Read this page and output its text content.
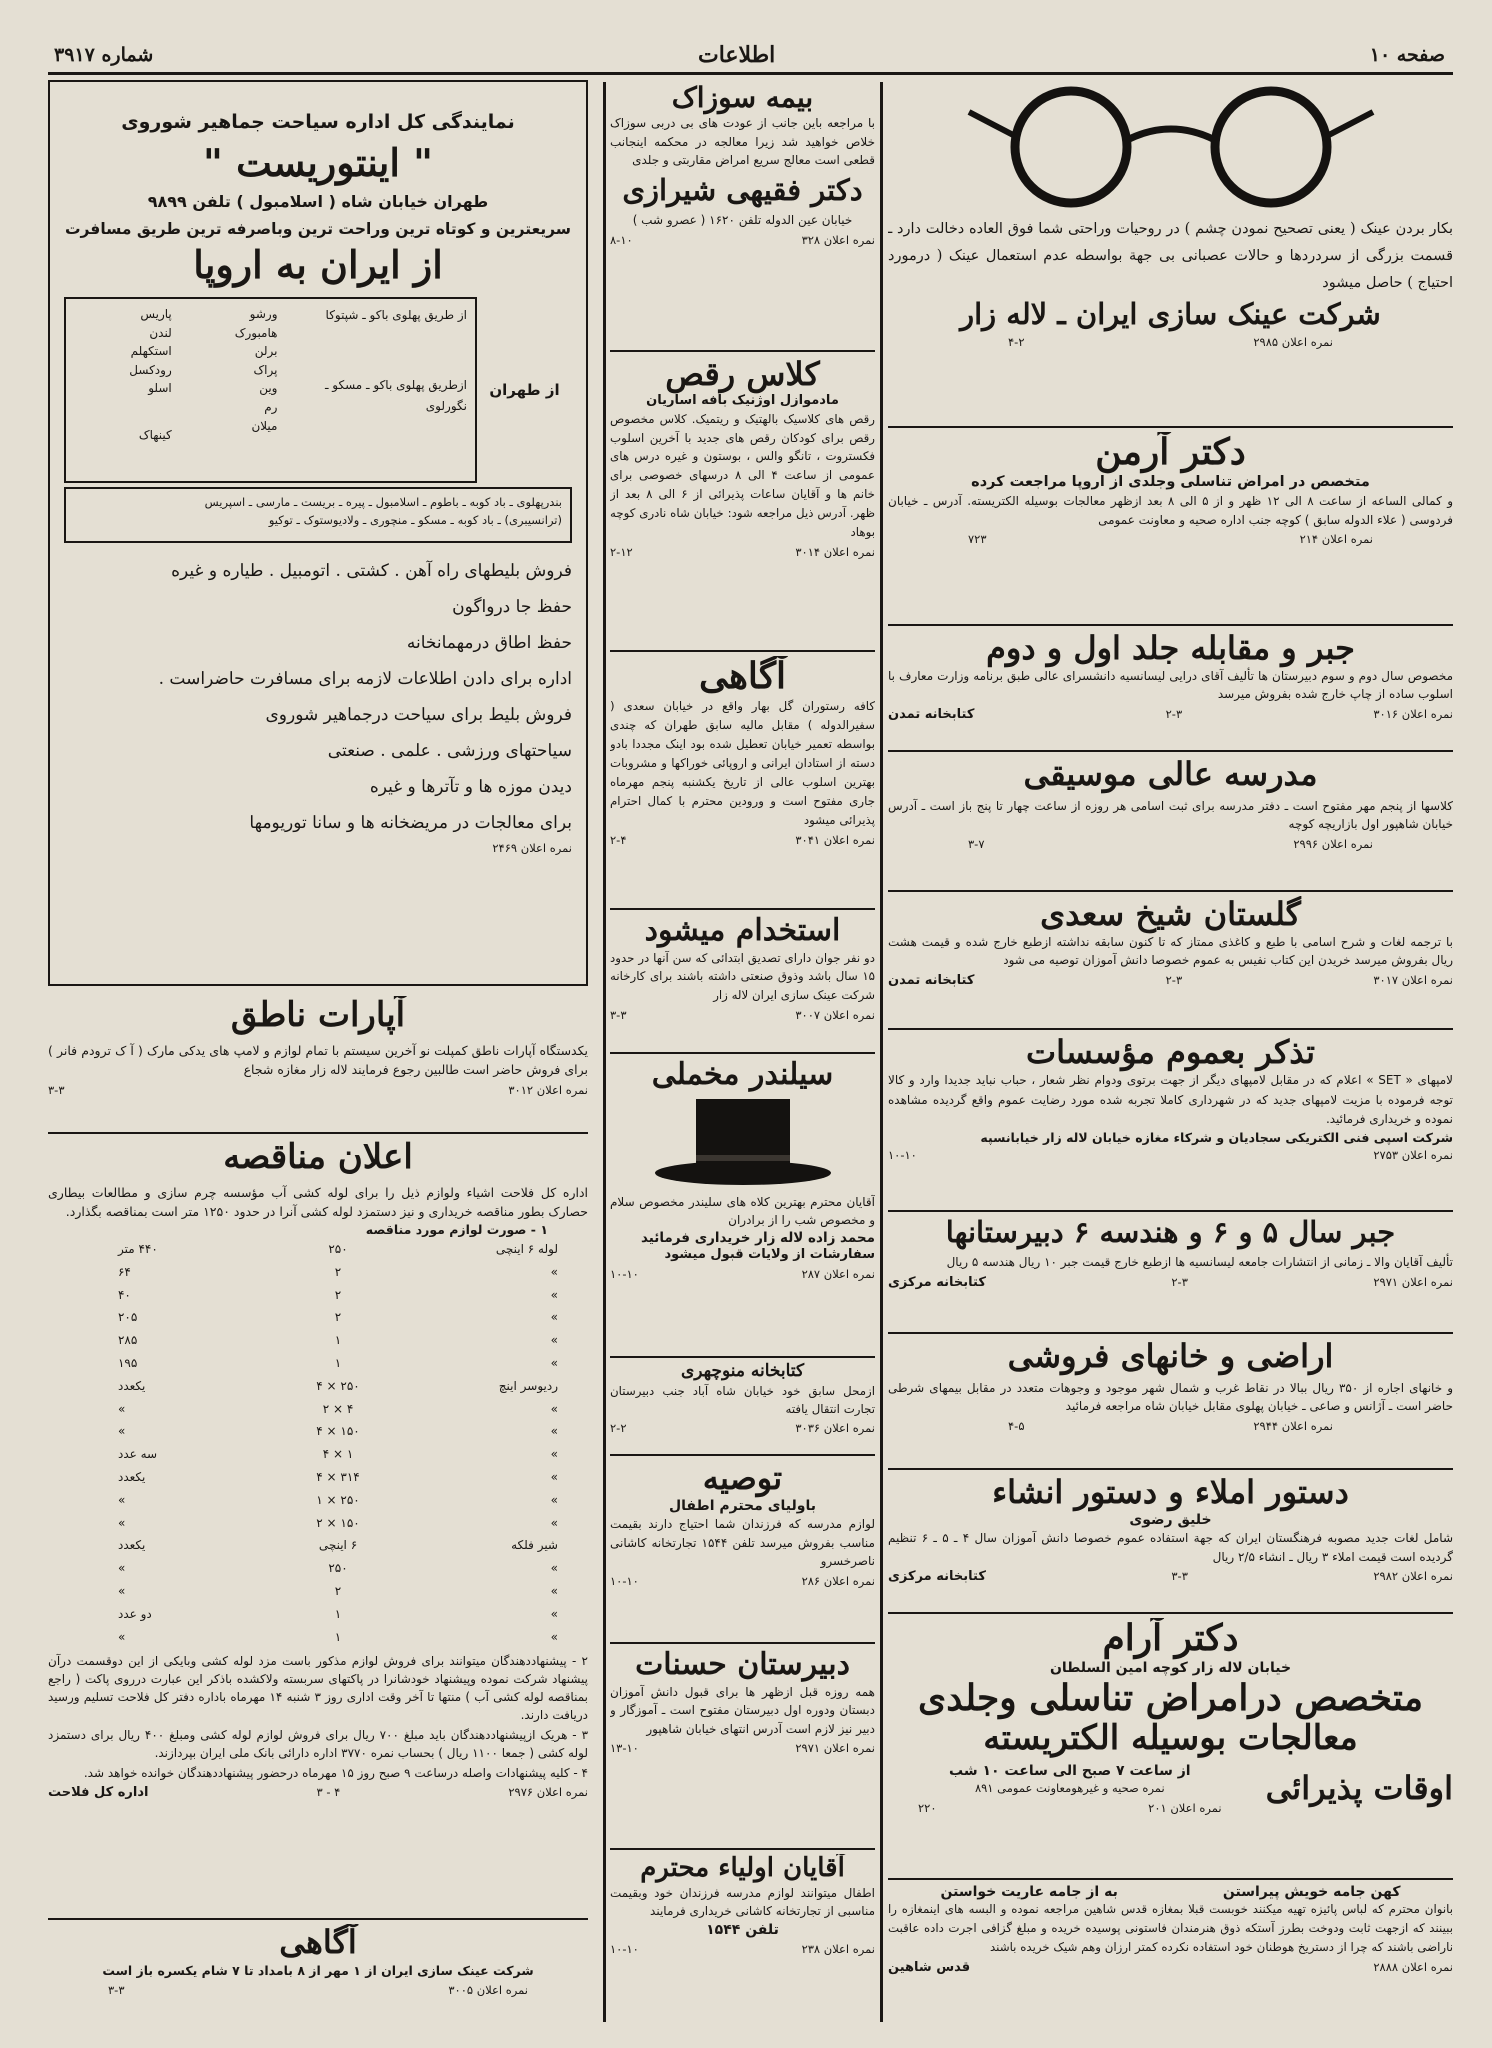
شماره ۳۹۱۷	اطلاعات	صفحه ۱۰
نمایندگی کل اداره سیاحت جماهیر شوروی
" اینتوریست "
طهران خیابان شاه ( اسلامبول ) تلفن ۹۸۹۹
سریعترین و کوتاه ترین وراحت ترین وباصرفه ترین طریق مسافرت
از ایران به اروپا
از طهران
از طریق پهلوی باکو ـ شپتوکا
ازطریق پهلوی باکو ـ مسکو ـ نگورلوی
ورشو
هامبورک
برلن
پراک
وین
رم
میلان
پاریس
لندن
استکهلم
رودکسل
اسلو
کینهاک
بندرپهلوی ـ باد کوبه ـ باطوم ـ اسلامبول ـ پیره ـ بریست ـ مارسی ـ اسپریس
(ترانسیبری) ـ باد کوبه ـ مسکو ـ منچوری ـ ولادیوستوک ـ توکیو
فروش بلیطهای راه آهن . کشتی . اتومبیل . طیاره و غیره
حفظ جا درواگون
حفظ اطاق درمهمانخانه
اداره برای دادن اطلاعات لازمه برای مسافرت حاضراست .
فروش بلیط برای سیاحت درجماهیر شوروی
سیاحتهای ورزشی . علمی . صنعتی
دیدن موزه ها و تآترها و غیره
برای معالجات در مریضخانه ها و سانا توریومها
نمره اعلان ۲۴۶۹
آپارات ناطق
یکدستگاه آپارات ناطق کمپلت نو آخرین سیستم با تمام لوازم و لامپ های یدکی مارک ( آ ک ترودم فانر ) برای فروش حاضر است طالبین رجوع فرمایند لاله زار مغازه شجاع
نمره اعلان ۳۰۱۲
۳-۳
اعلان مناقصه
اداره کل فلاحت اشیاء ولوازم ذیل را برای لوله کشی آب مؤسسه چرم سازی و مطالعات بیطاری حصارک بطور مناقصه خریداری و نیز دستمزد لوله کشی آنرا در حدود ۱۲۵۰ متر است بمناقصه بگذارد.
۱ - صورت لوازم مورد مناقصه
لوله ۶ اینچی
۲۵۰
۴۴۰ متر
»
۲
۶۴
»
۲
۴۰
»
۲
۲۰۵
»
۱
۲۸۵
»
۱
۱۹۵
ردیوسر اینچ
۲۵۰ × ۴
یکعدد
»
۴ × ۲
»
»
۱۵۰ × ۴
»
»
۱ × ۴
سه عدد
»
۳۱۴ × ۴
یکعدد
»
۲۵۰ × ۱
»
»
۱۵۰ × ۲
»
شیر فلکه
۶ اینچی
یکعدد
»
۲۵۰
»
»
۲
»
»
۱
دو عدد
»
۱
»
۲ - پیشنهاددهندگان میتوانند برای فروش لوازم مذکور باست مزد لوله کشی وبایکی از این دوقسمت درآن پیشنهاد شرکت نموده وپیشنهاد خودشانرا در پاکتهای سربسته ولاکشده باذکر این عبارت درروی پاکت ( راجع بمناقصه لوله کشی آب ) منتها تا آخر وقت اداری روز ۳ شنبه ۱۴ مهرماه باداره دفتر کل فلاحت تسلیم ورسید دریافت دارند.
۳ - هریک ازپیشنهاددهندگان باید مبلغ ۷۰۰ ریال برای فروش لوازم لوله کشی ومبلغ ۴۰۰ ریال برای دستمزد لوله کشی ( جمعا ۱۱۰۰ ریال ) بحساب نمره ۳۷۷۰ اداره دارائی بانک ملی ایران بپردازند.
۴ - کلیه پیشنهادات واصله درساعت ۹ صبح روز ۱۵ مهرماه درحضور پیشنهاددهندگان خوانده خواهد شد.
نمره اعلان ۲۹۷۶
۴ - ۳
اداره کل فلاحت
آگاهی
شرکت عینک سازی ایران از ۱ مهر از ۸ بامداد تا ۷ شام یکسره باز است
نمره اعلان ۳۰۰۵
۳-۳
بیمه سوزاک
با مراجعه باین جانب از عودت های بی دربی سوزاک خلاص خواهید شد زیرا معالجه در محکمه اینجانب قطعی است معالج سریع امراض مقاربتی و جلدی
دکتر فقیهی شیرازی
خیابان عین الدوله تلفن ۱۶۲۰ ( عصرو شب )
نمره اعلان ۳۲۸
۸-۱۰
کلاس رقص
مادموازل اوژنیک بافه اساریان
رقص های کلاسیک بالهتیک و ریتمیک. کلاس مخصوص رقص برای کودکان رقص های جدید با آخرین اسلوب فکستروت ، تانگو والس ، بوستون و غیره درس های عمومی از ساعت ۴ الی ۸ درسهای خصوصی برای خانم ها و آقایان ساعات پذیرائی از ۶ الی ۸ بعد از ظهر. آدرس ذیل مراجعه شود: خیابان شاه نادری کوچه بوهاد
نمره اعلان ۳۰۱۴
۲-۱۲
آگاهی
کافه رستوران گل بهار واقع در خیابان سعدی ( سفیرالدوله ) مقابل مالیه سابق طهران که چندی بواسطه تعمیر خیابان تعطیل شده بود اینک مجددا بادو دسته از استادان ایرانی و اروپائی خوراکها و مشروبات بهترین اسلوب عالی از تاریخ یکشنبه پنجم مهرماه جاری مفتوح است و ورودین محترم با کمال احترام پذیرائی میشود
نمره اعلان ۳۰۴۱
۲-۴
استخدام میشود
دو نفر جوان دارای تصدیق ابتدائی که سن آنها در حدود ۱۵ سال باشد وذوق صنعتی داشته باشند برای کارخانه شرکت عینک سازی ایران لاله زار
نمره اعلان ۳۰۰۷
۳-۳
سیلندر مخملی
آقایان محترم بهترین کلاه های سلیندر مخصوص سلام و مخصوص شب را از برادران
محمد زاده لاله زار خریداری فرمائید
سفارشات از ولایات قبول میشود
نمره اعلان ۲۸۷
۱۰-۱۰
کتابخانه منوچهری
ازمحل سابق خود خیابان شاه آباد جنب دبیرستان تجارت انتقال یافته
نمره اعلان ۳۰۳۶
۲-۲
توصیه
باولیای محترم اطفال
لوازم مدرسه که فرزندان شما احتیاج دارند بقیمت مناسب بفروش میرسد تلفن ۱۵۴۴ تجارتخانه کاشانی ناصرخسرو
نمره اعلان ۲۸۶
۱۰-۱۰
دبیرستان حسنات
همه روزه قبل ازظهر ها برای قبول دانش آموزان دبستان ودوره اول دبیرستان مفتوح است ـ آموزگار و دبیر نیز لازم است آدرس انتهای خیابان شاهپور
نمره اعلان ۲۹۷۱
۱۳-۱۰
آقایان اولیاء محترم
اطفال میتوانند لوازم مدرسه فرزندان خود وبقیمت مناسبی از تجارتخانه کاشانی خریداری فرمایند
تلفن ۱۵۴۴
نمره اعلان ۲۳۸
۱۰-۱۰
بکار بردن عینک ( یعنی تصحیح نمودن چشم ) در روحیات وراحتی شما فوق العاده دخالت دارد ـ قسمت بزرگی از سردردها و حالات عصبانی بی جهة بواسطه عدم استعمال عینک ( درمورد احتیاج ) حاصل میشود
شرکت عینک سازی ایران ـ لاله زار
نمره اعلان ۲۹۸۵
۴-۲
دکتر آرمن
متخصص در امراض تناسلی وجلدی از اروپا مراجعت کرده
و کمالی الساعه از ساعت ۸ الی ۱۲ ظهر و از ۵ الی ۸ بعد ازظهر معالجات بوسیله الکتریسته. آدرس ـ خیابان فردوسی ( علاء الدوله سابق ) کوچه جنب اداره صحیه و معاونت عمومی
نمره اعلان ۲۱۴
۷۲۳
جبر و مقابله جلد اول و دوم
مخصوص سال دوم و سوم دبیرستان ها تألیف آقای درایی لیسانسیه دانشسرای عالی طبق برنامه وزارت معارف با اسلوب ساده از چاپ خارج شده بفروش میرسد
نمره اعلان ۳۰۱۶
۲-۳
کتابخانه تمدن
مدرسه عالی موسیقی
کلاسها از پنجم مهر مفتوح است ـ دفتر مدرسه برای ثبت اسامی هر روزه از ساعت چهار تا پنج باز است ـ آدرس خیابان شاهپور اول بازاریچه کوچه
نمره اعلان ۲۹۹۶
۳-۷
گلستان شیخ سعدی
با ترجمه لغات و شرح اسامی با طبع و کاغذی ممتاز که تا کنون سابقه نداشته ازطبع خارج شده و قیمت هشت ریال بفروش میرسد خریدن این کتاب نفیس به عموم خصوصا دانش آموزان توصیه می شود
نمره اعلان ۳۰۱۷
۲-۳
کتابخانه تمدن
تذکر بعموم مؤسسات
لامپهای « SET » اعلام که در مقابل لامپهای دیگر از جهت برتوی ودوام نظر شعار ، حباب نباید جدیدا وارد و کالا توجه فرموده با مزیت لامپهای جدید که در شهرداری کاملا تجربه شده مورد رضایت عموم واقع گردیده مشاهده نموده و خریداری فرمائید.
شرکت اسپی فنی الکتریکی سجادیان و شرکاء مغازه خیابان لاله زار خیابانسپه
نمره اعلان ۲۷۵۳
۱۰-۱۰
جبر سال ۵ و ۶ و هندسه ۶ دبیرستانها
تألیف آقایان والا ـ زمانی از انتشارات جامعه لیسانسیه ها ازطبع خارج قیمت جبر ۱۰ ریال هندسه ۵ ریال
نمره اعلان ۲۹۷۱
۲-۳
کتابخانه مرکزی
اراضی و خانهای فروشی
و خانهای اجاره از ۳۵۰ ریال ببالا در نقاط غرب و شمال شهر موجود و وجوهات متعدد در مقابل بیمهای شرطی حاضر است ـ آژانس و صاعی ـ خیابان پهلوی مقابل خیابان شاه مراجعه فرمائید
نمره اعلان ۲۹۴۴
۴-۵
دستور املاء و دستور انشاء
خلیق رضوی
شامل لغات جدید مصوبه فرهنگستان ایران که جهة استفاده عموم خصوصا دانش آموزان سال ۴ ـ ۵ ـ ۶ تنظیم گردیده است قیمت املاء ۳ ریال ـ انشاء ۲/۵ ریال
نمره اعلان ۲۹۸۲
۳-۳
کتابخانه مرکزی
دکتر آرام
خیابان لاله زار کوچه امین السلطان
متخصص درامراض تناسلی وجلدی
معالجات بوسیله الکتریسته
اوقات پذیرائی
از ساعت ۷ صبح الی ساعت ۱۰ شب
نمره صحیه و غیرهومعاونت عمومی ۸۹۱
نمره اعلان ۲۰۱
۲۲۰
کهن جامه خویش پیراستن
به از جامه عاریت خواستن
بانوان محترم که لباس پائیزه تهیه میکنند خوبست قبلا بمغازه قدس شاهین مراجعه نموده و البسه های اینمغازه را ببینند که ازجهت ثابت ودوخت بطرز آستکه ذوق هنرمندان فاستونی پوسیده خریده و مبلغ گزافی اجرت داده عاقبت ناراضی باشند که چرا از دستریخ هوطنان خود استفاده نکرده کمتر ارزان وهم شیک خریده باشند
نمره اعلان ۲۸۸۸
قدس شاهین
